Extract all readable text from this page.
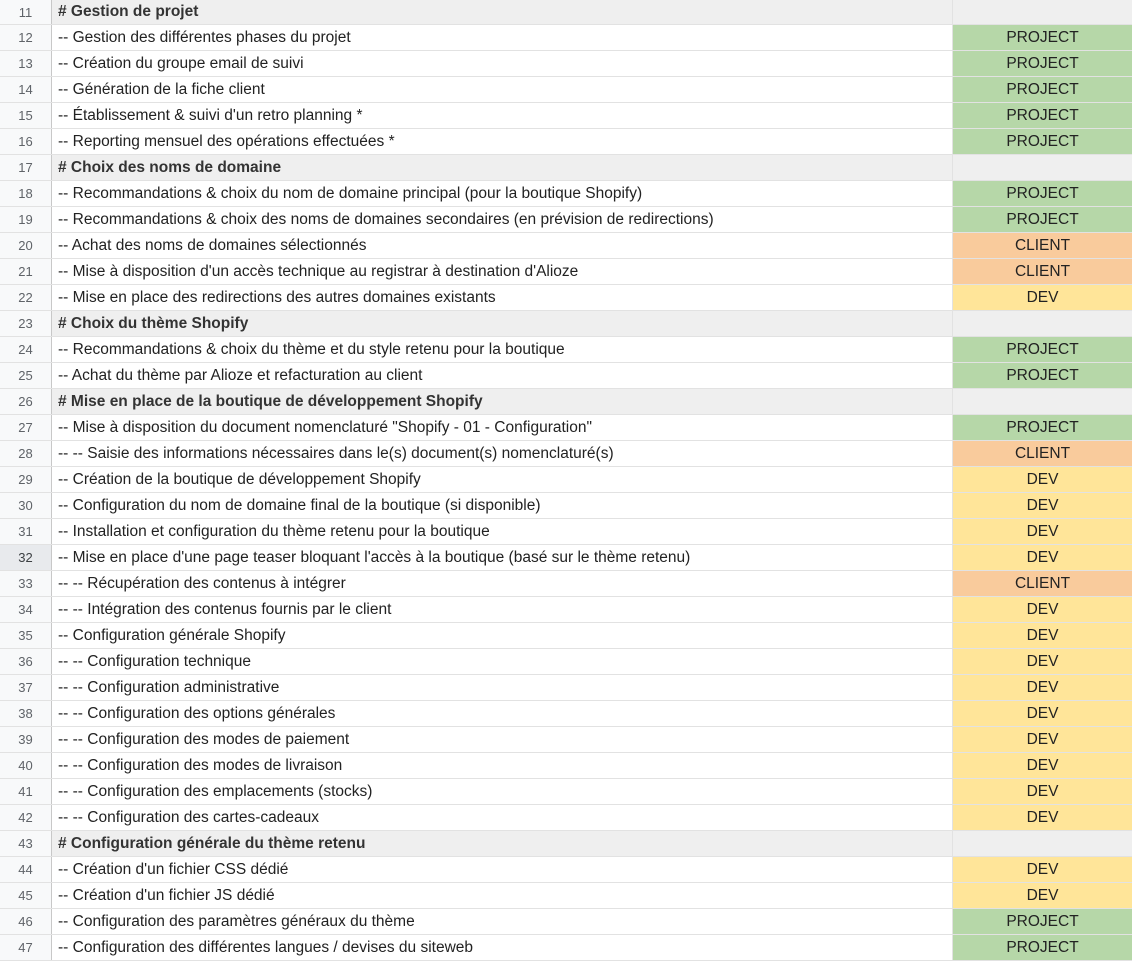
11	# Gestion de projet
12	-- Gestion des différentes phases du projet	PROJECT
13	-- Création du groupe email de suivi	PROJECT
14	-- Génération de la fiche client	PROJECT
15	-- Établissement & suivi d'un retro planning *	PROJECT
16	-- Reporting mensuel des opérations effectuées *	PROJECT
17	# Choix des noms de domaine
18	-- Recommandations & choix du nom de domaine principal (pour la boutique Shopify)	PROJECT
19	-- Recommandations & choix des noms de domaines secondaires (en prévision de redirections)	PROJECT
20	-- Achat des noms de domaines sélectionnés	CLIENT
21	-- Mise à disposition d'un accès technique au registrar à destination d'Alioze	CLIENT
22	-- Mise en place des redirections des autres domaines existants	DEV
23	# Choix du thème Shopify
24	-- Recommandations & choix du thème et du style retenu pour la boutique	PROJECT
25	-- Achat du thème par Alioze et refacturation au client	PROJECT
26	# Mise en place de la boutique de développement Shopify
27	-- Mise à disposition du document nomenclaturé "Shopify - 01 - Configuration"	PROJECT
28	-- -- Saisie des informations nécessaires dans le(s) document(s) nomenclaturé(s)	CLIENT
29	-- Création de la boutique de développement Shopify	DEV
30	-- Configuration du nom de domaine final de la boutique (si disponible)	DEV
31	-- Installation et configuration du thème retenu pour la boutique	DEV
32	-- Mise en place d'une page teaser bloquant l'accès à la boutique (basé sur le thème retenu)	DEV
33	-- -- Récupération des contenus à intégrer	CLIENT
34	-- -- Intégration des contenus fournis par le client	DEV
35	-- Configuration générale Shopify	DEV
36	-- -- Configuration technique	DEV
37	-- -- Configuration administrative	DEV
38	-- -- Configuration des options générales	DEV
39	-- -- Configuration des modes de paiement	DEV
40	-- -- Configuration des modes de livraison	DEV
41	-- -- Configuration des emplacements (stocks)	DEV
42	-- -- Configuration des cartes-cadeaux	DEV
43	# Configuration générale du thème retenu
44	-- Création d'un fichier CSS dédié	DEV
45	-- Création d'un fichier JS dédié	DEV
46	-- Configuration des paramètres généraux du thème	PROJECT
47	-- Configuration des différentes langues / devises du siteweb	PROJECT
